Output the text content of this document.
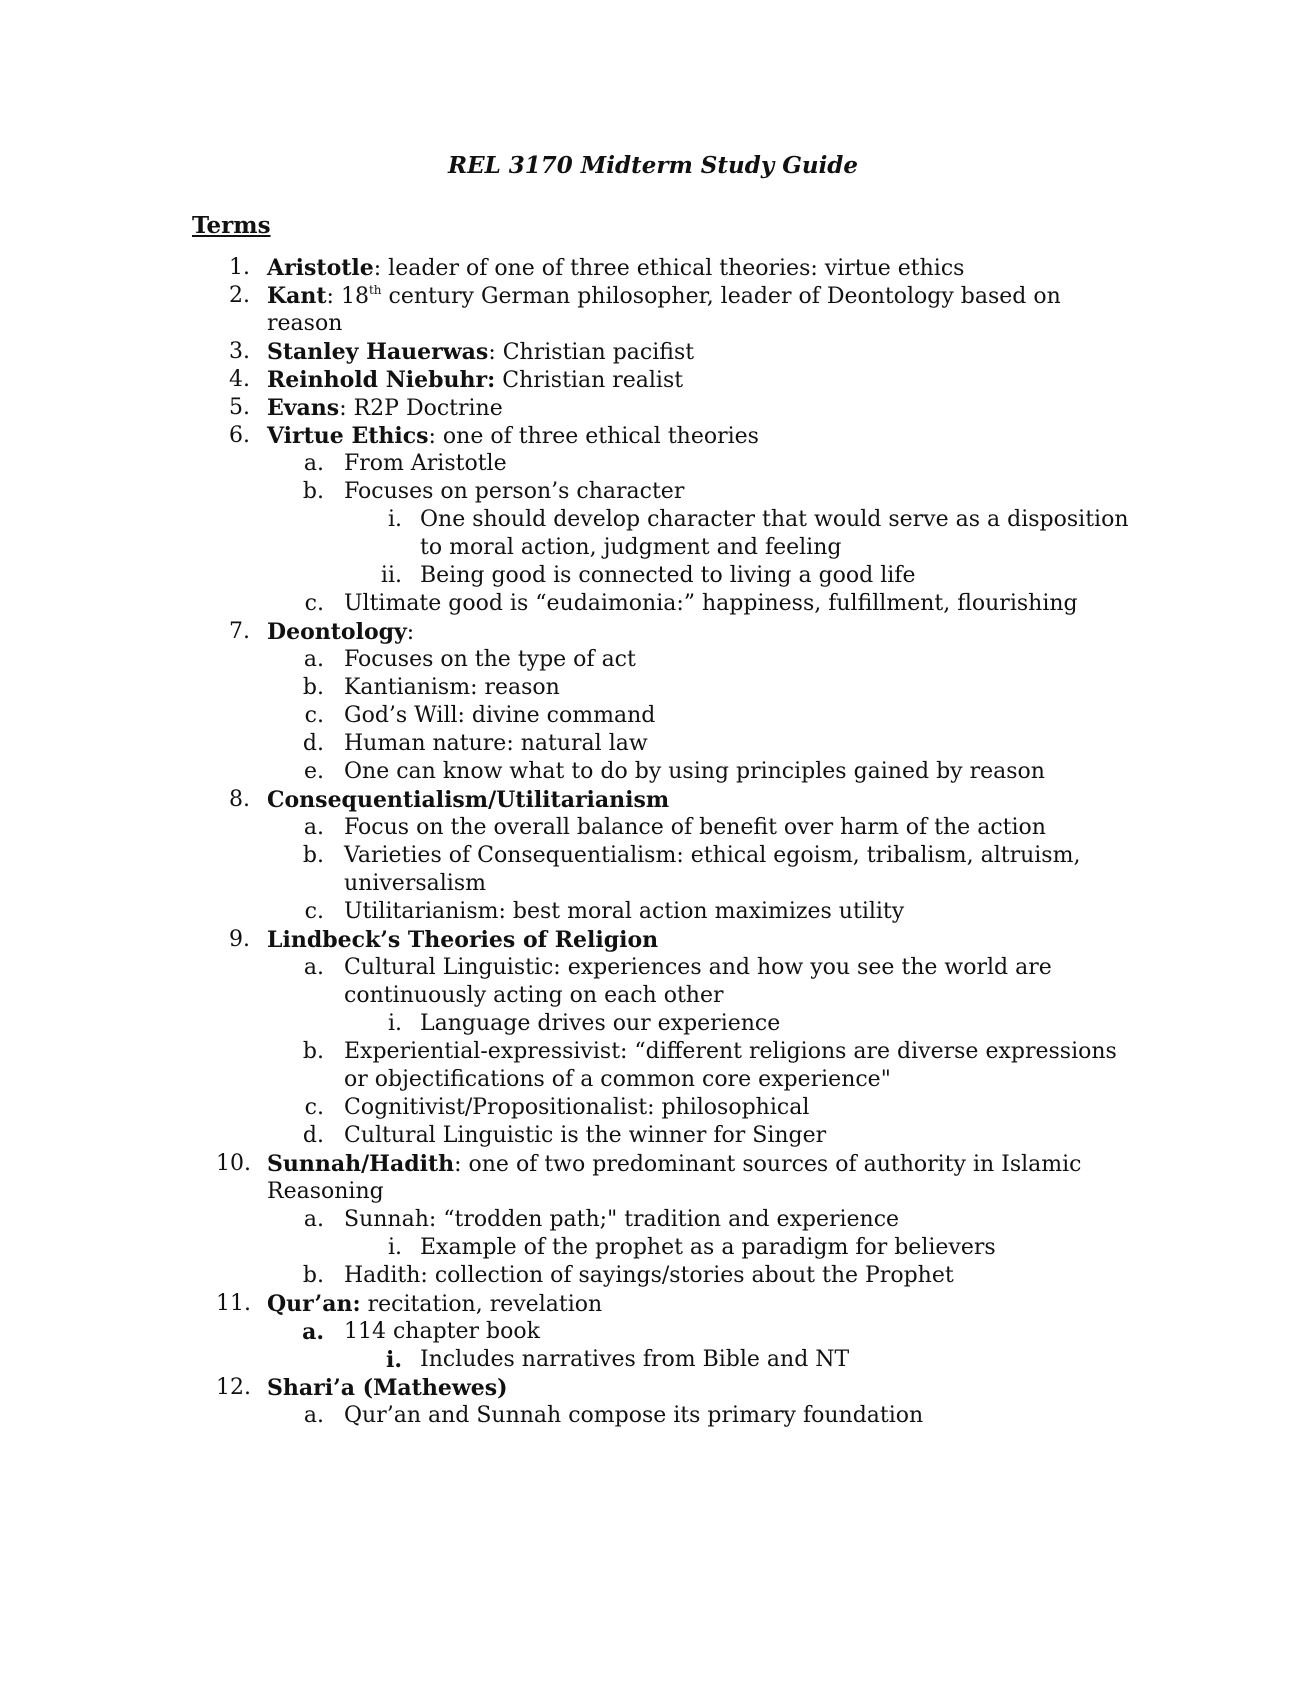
REL 3170 Midterm Study Guide
Terms
1. Aristotle: leader of one of three ethical theories: virtue ethics
2. Kant: 18th century German philosopher, leader of Deontology based on
reason
3. Stanley Hauerwas: Christian pacifist
4. Reinhold Niebuhr: Christian realist
5. Evans: R2P Doctrine
6. Virtue Ethics: one of three ethical theories
a. From Aristotle
b. Focuses on person’s character
i. One should develop character that would serve as a disposition
to moral action, judgment and feeling
ii. Being good is connected to living a good life
c. Ultimate good is “eudaimonia:” happiness, fulfillment, flourishing
7. Deontology:
a. Focuses on the type of act
b. Kantianism: reason
c. God’s Will: divine command
d. Human nature: natural law
e. One can know what to do by using principles gained by reason
8. Consequentialism/Utilitarianism
a. Focus on the overall balance of benefit over harm of the action
b. Varieties of Consequentialism: ethical egoism, tribalism, altruism,
universalism
c. Utilitarianism: best moral action maximizes utility
9. Lindbeck’s Theories of Religion
a. Cultural Linguistic: experiences and how you see the world are
continuously acting on each other
i. Language drives our experience
b. Experiential-expressivist: “different religions are diverse expressions
or objectifications of a common core experience"
c. Cognitivist/Propositionalist: philosophical
d. Cultural Linguistic is the winner for Singer
10. Sunnah/Hadith: one of two predominant sources of authority in Islamic
Reasoning
a. Sunnah: “trodden path;" tradition and experience
i. Example of the prophet as a paradigm for believers
b. Hadith: collection of sayings/stories about the Prophet
11. Qur’an: recitation, revelation
a. 114 chapter book
i. Includes narratives from Bible and NT
12. Shari’a (Mathewes)
a. Qur’an and Sunnah compose its primary foundation
